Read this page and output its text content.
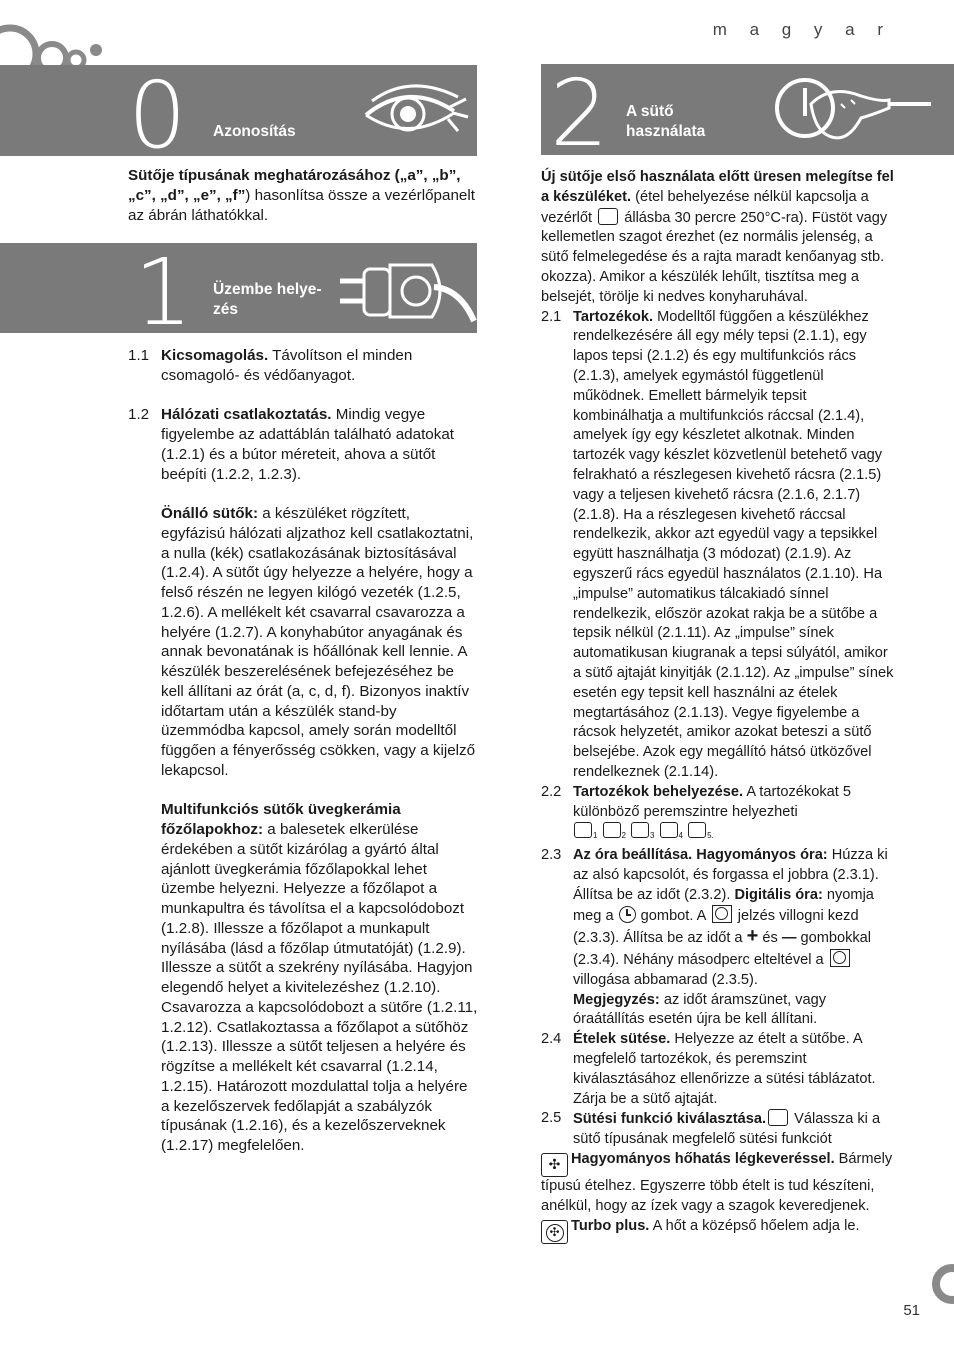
m a g y a r
0 Azonosítás

Sütője típusának meghatározásához („a”, „b”, „c”, „d”, „e”, „f”) hasonlítsa össze a vezérlőpanelt az ábrán láthatókkal.

1 Üzembe helye-
zés
1.1 Kicsomagolás. Távolítson el minden csomagoló- és védőanyagot.
1.2 Hálózati csatlakoztatás. Mindig vegye figyelembe az adattáblán található adatokat (1.2.1) és a bútor méreteit, ahova a sütőt beépíti (1.2.2, 1.2.3).

Önálló sütők: a készüléket rögzített, egyfázisú hálózati aljzathoz kell csatlakoztatni, a nulla (kék) csatlakozásának biztosításával (1.2.4). A sütőt úgy helyezze a helyére, hogy a felső részén ne legyen kilógó vezeték (1.2.5, 1.2.6). A mellékelt két csavarral csavarozza a helyére (1.2.7). A konyhabútor anyagának és annak bevonatának is hőállónak kell lennie. A készülék beszerelésének befejezéséhez be kell állítani az órát (a, c, d, f). Bizonyos inaktív időtartam után a készülék stand-by üzemmódba kapcsol, amely során modelltől függően a fényerősség csökken, vagy a kijelző lekapcsol.

Multifunkciós sütők üvegkerámia főzőlapokhoz: a balesetek elkerülése érdekében a sütőt kizárólag a gyártó által ajánlott üvegkerámia főzőlapokkal lehet üzembe helyezni. Helyezze a főzőlapot a munkapultra és távolítsa el a kapcsolódobozt (1.2.8). Illessze a főzőlapot a munkapult nyílásába (lásd a főzőlap útmutatóját) (1.2.9). Illessze a sütőt a szekrény nyílásába. Hagyjon elegendő helyet a kivitelezéshez (1.2.10). Csavarozza a kapcsolódobozt a sütőre (1.2.11, 1.2.12). Csatlakoztassa a főzőlapot a sütőhöz (1.2.13). Illessze a sütőt teljesen a helyére és rögzítse a mellékelt két csavarral (1.2.14, 1.2.15). Határozott mozdulattal tolja a helyére a kezelőszervek fedőlapját a szabályzók típusának (1.2.16), és a kezelőszerveknek (1.2.17) megfelelően.

2 A sütő
használata

Új sütője első használata előtt üresen melegítse fel a készüléket. (étel behelyezése nélkül kapcsolja a vezérlőt  állásba 30 percre 250°C-ra). Füstöt vagy kellemetlen szagot érezhet (ez normális jelenség, a sütő felmelegedése és a rajta maradt kenőanyag stb. okozza). Amikor a készülék lehűlt, tisztítsa meg a belsejét, törölje ki nedves konyharuhával.

2.1 Tartozékok. Modelltől függően a készülékhez rendelkezésére áll egy mély tepsi (2.1.1), egy lapos tepsi (2.1.2) és egy multifunkciós rács (2.1.3), amelyek egymástól függetlenül működnek. Emellett bármelyik tepsit kombinálhatja a multifunkciós ráccsal (2.1.4), amelyek így egy készletet alkotnak. Minden tartozék vagy készlet közvetlenül betehető vagy felrakható a részlegesen kivehető rácsra (2.1.5) vagy a teljesen kivehető rácsra (2.1.6, 2.1.7) (2.1.8). Ha a részlegesen kivehető ráccsal rendelkezik, akkor azt egyedül vagy a tepsikkel együtt használhatja (3 módozat) (2.1.9). Az egyszerű rács egyedül használatos (2.1.10). Ha „impulse” automatikus tálcakiadó sínnel rendelkezik, először azokat rakja be a sütőbe a tepsik nélkül (2.1.11). Az „impulse” sínek automatikusan kiugranak a tepsi súlyától, amikor a sütő ajtaját kinyitják (2.1.12). Az „impulse” sínek esetén egy tepsit kell használni az ételek megtartásához (2.1.13). Vegye figyelembe a rácsok helyzetét, amikor azokat beteszi a sütő belsejébe. Azok egy megállító hátsó ütközővel rendelkeznek (2.1.14).
2.2 Tartozékok behelyezése. A tartozékokat 5 különböző peremszintre helyezheti
$_1$	$_2$	$_3$	$_4$	$_{5.}$
2.3 Az óra beállítása. Hagyományos óra: Húzza ki az alsó kapcsolót, és forgassa el jobbra (2.3.1). Állítsa be az időt (2.3.2). Digitális óra: nyomja meg a  gombot. A
jelzés villogni kezd (2.3.3). Állítsa be az időt a + és — gombokkal (2.3.4). Néhány másodperc elteltével a
villogása abbamarad (2.3.5).
Megjegyzés: az időt áramszünet, vagy óraátállítás esetén újra be kell állítani.
2.4 Ételek sütése. Helyezze az ételt a sütőbe. A megfelelő tartozékok, és peremszint kiválasztásához ellenőrizze a sütési táblázatot. Zárja be a sütő ajtaját.
2.5 Sütési funkció kiválasztása. Válassza ki a sütő típusának megfelelő sütési funkciót
✣ Hagyományos hőhatás légkeveréssel. Bármely típusú ételhez. Egyszerre több ételt is tud készíteni, anélkül, hogy az ízek vagy a szagok keveredjenek.
✣ Turbo plus. A hőt a középső hőelem adja le.
51
